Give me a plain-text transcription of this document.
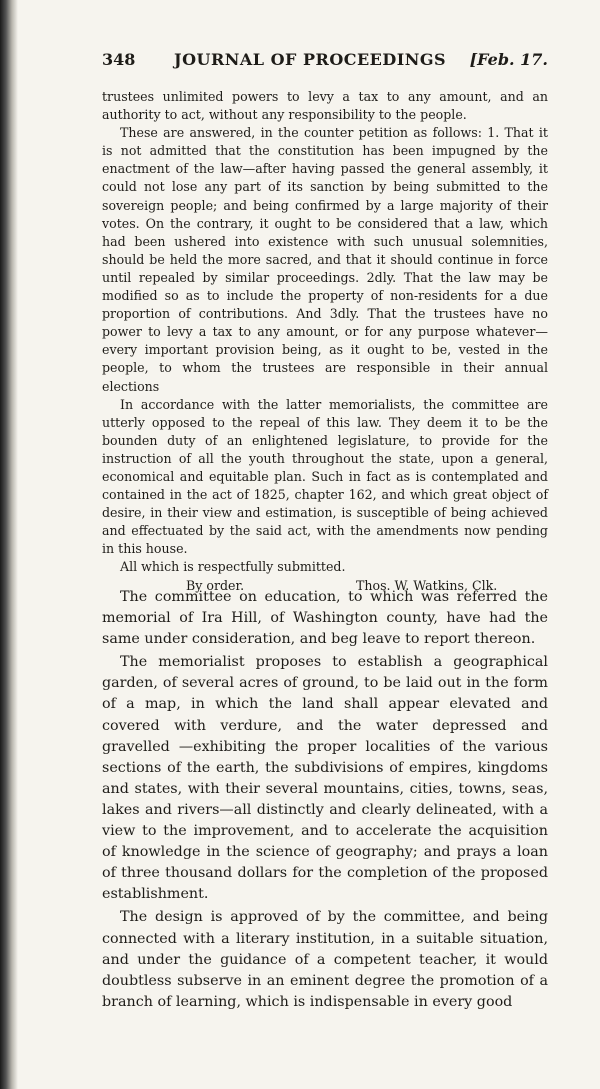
348 JOURNAL OF PROCEEDINGS [Feb. 17.

trustees unlimited powers to levy a tax to any amount, and an authority to act, without any responsibility to the people.

These are answered, in the counter petition as follows: 1. That it is not admitted that the constitution has been impugned by the enactment of the law—after having passed the general assembly, it could not lose any part of its sanction by being submitted to the sovereign people; and being confirmed by a large majority of their votes. On the contrary, it ought to be considered that a law, which had been ushered into existence with such unusual solemnities, should be held the more sacred, and that it should continue in force until repealed by similar proceedings. 2dly. That the law may be modified so as to include the property of non-residents for a due proportion of contributions. And 3dly. That the trustees have no power to levy a tax to any amount, or for any purpose whatever—every important provision being, as it ought to be, vested in the people, to whom the trustees are responsible in their annual elections

In accordance with the latter memorialists, the committee are utterly opposed to the repeal of this law. They deem it to be the bounden duty of an enlightened legislature, to provide for the instruction of all the youth throughout the state, upon a general, economical and equitable plan. Such in fact as is contemplated and contained in the act of 1825, chapter 162, and which great object of desire, in their view and estimation, is susceptible of being achieved and effectuated by the said act, with the amendments now pending in this house.

All which is respectfully submitted.

By order.	Thos. W. Watkins, Clk.

The committee on education, to which was referred the memorial of Ira Hill, of Washington county, have had the same under consideration, and beg leave to report thereon.

The memorialist proposes to establish a geographical garden, of several acres of ground, to be laid out in the form of a map, in which the land shall appear elevated and covered with verdure, and the water depressed and gravelled —exhibiting the proper localities of the various sections of the earth, the subdivisions of empires, kingdoms and states, with their several mountains, cities, towns, seas, lakes and rivers—all distinctly and clearly delineated, with a view to the improvement, and to accelerate the acquisition of knowledge in the science of geography; and prays a loan of three thousand dollars for the completion of the proposed establishment.

The design is approved of by the committee, and being connected with a literary institution, in a suitable situation, and under the guidance of a competent teacher, it would doubtless subserve in an eminent degree the promotion of a branch of learning, which is indispensable in every good
